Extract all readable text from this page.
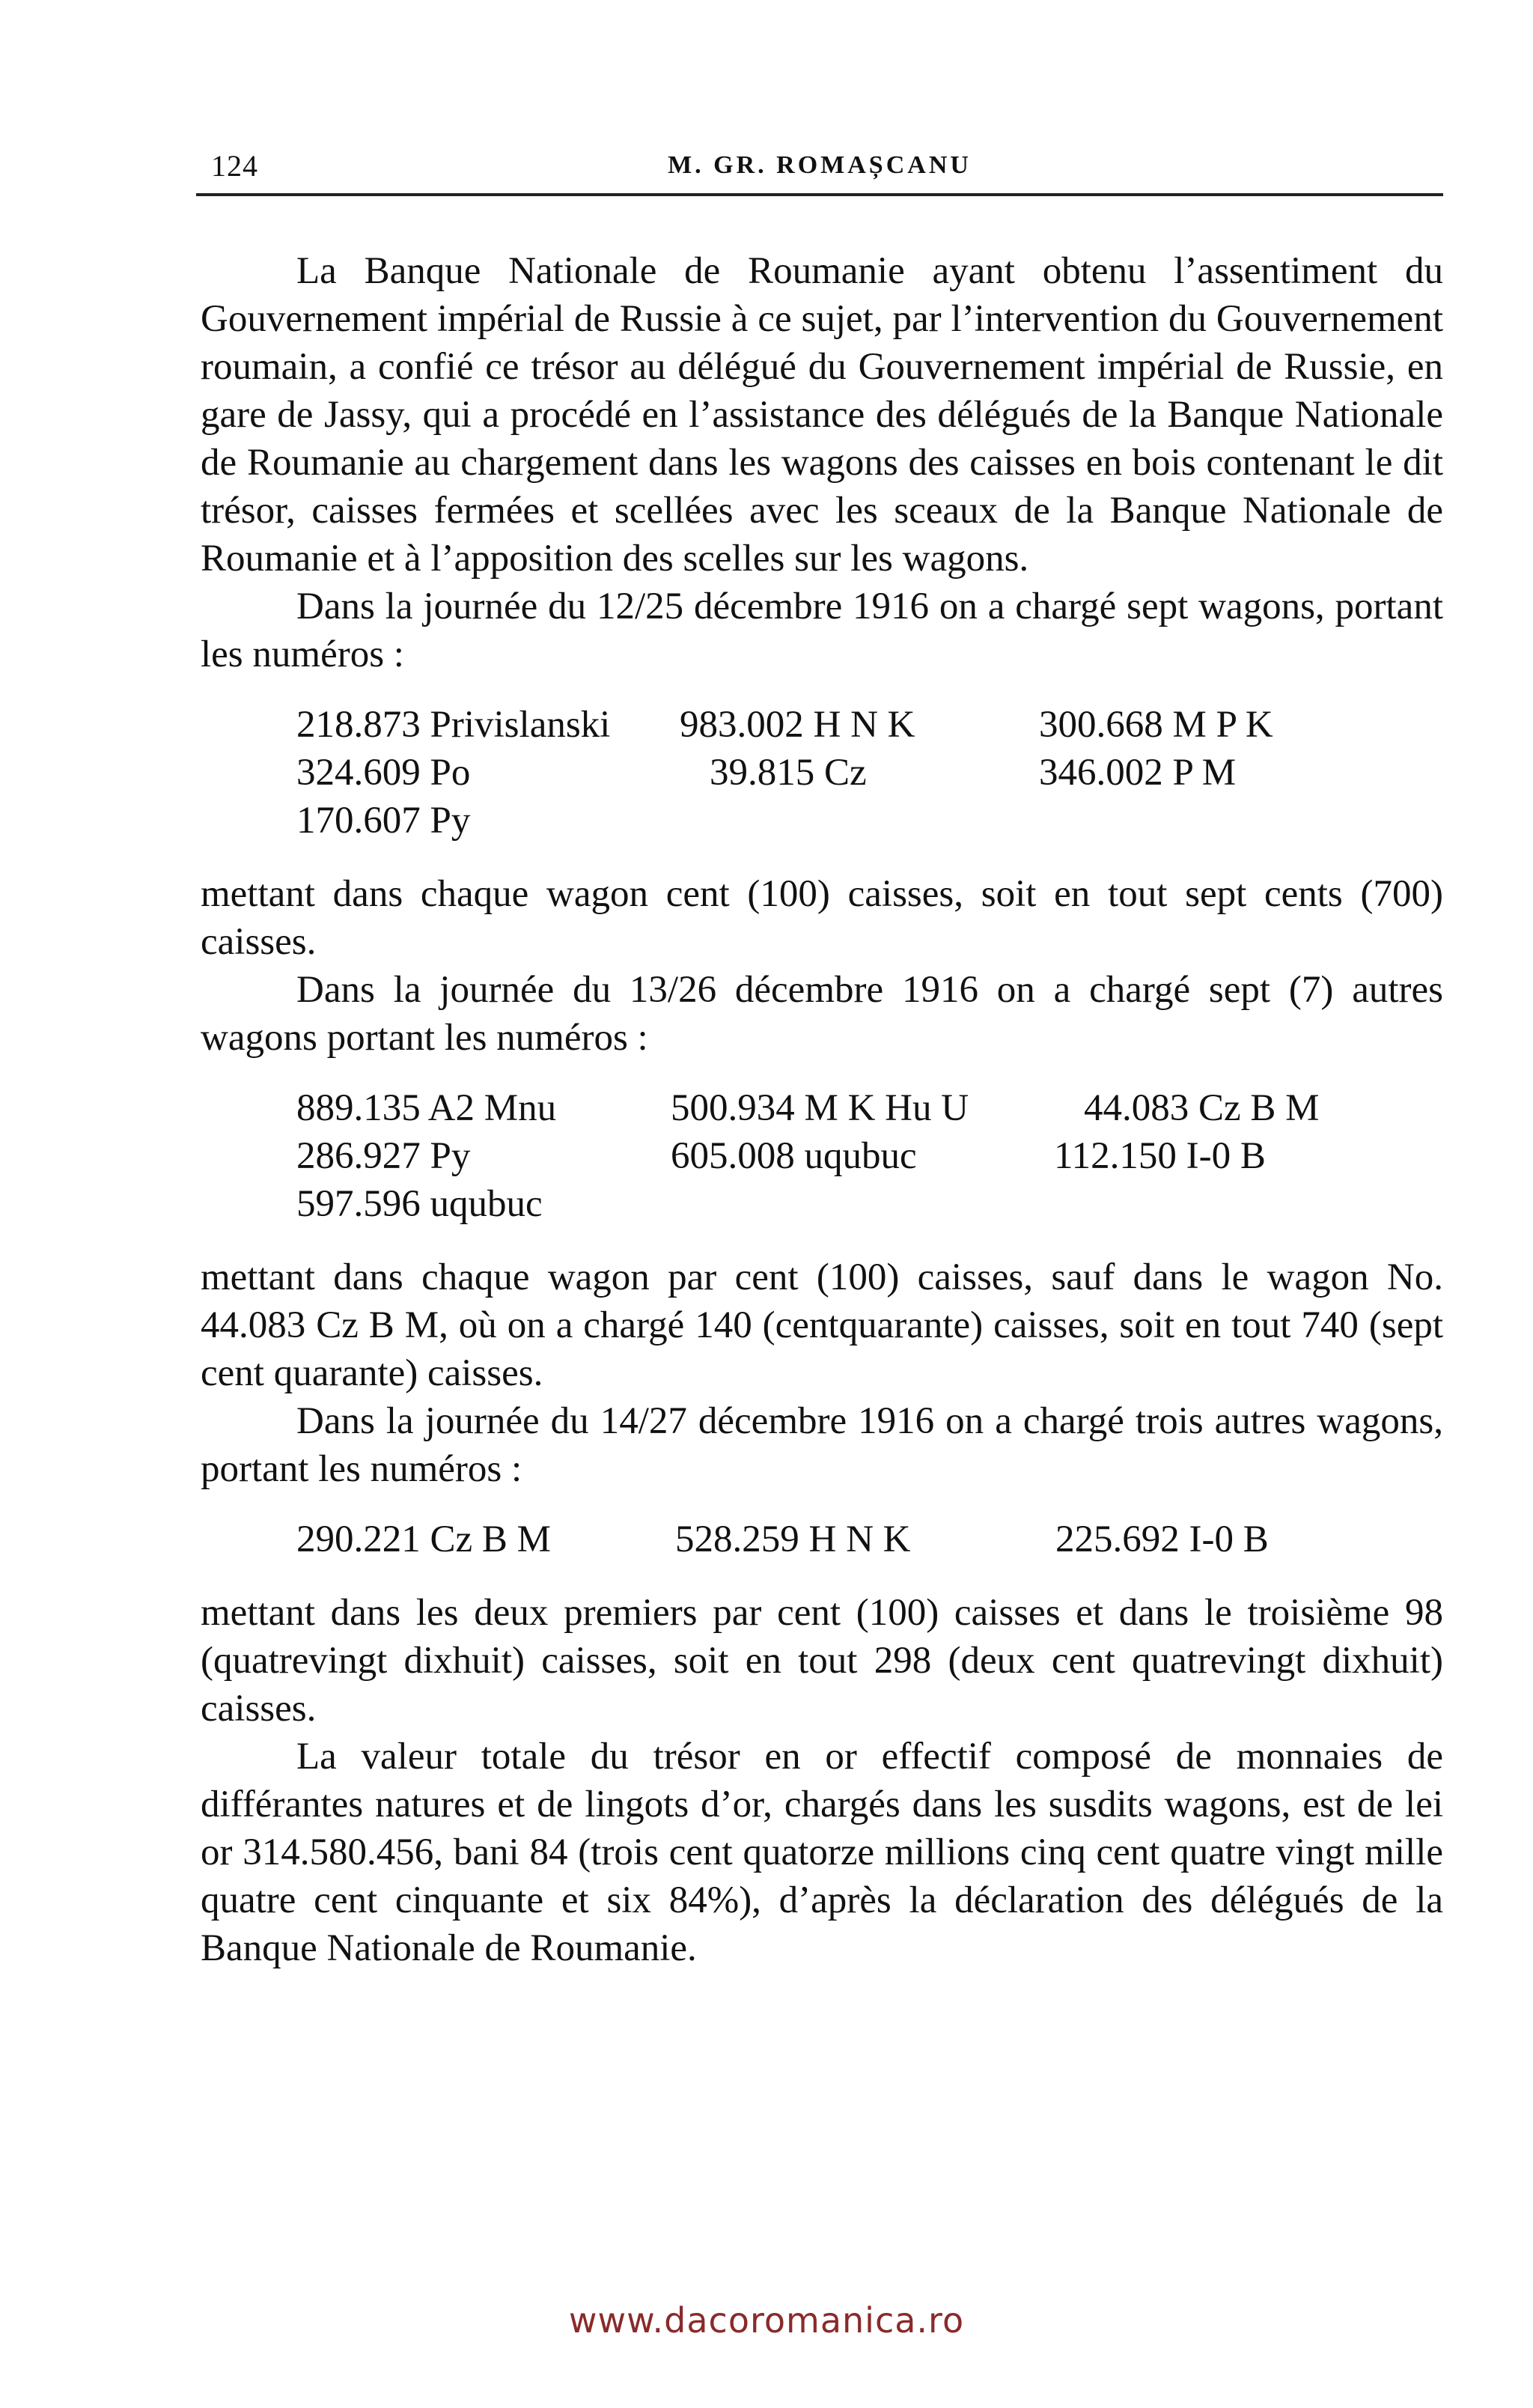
124	M. GR. ROMAȘCANU

La Banque Nationale de Roumanie ayant obtenu l’assentiment du Gouvernement impérial de Russie à ce sujet, par l’intervention du Gouvernement roumain, a confié ce trésor au délégué du Gouvernement impérial de Russie, en gare de Jassy, qui a procédé en l’assistance des délégués de la Banque Nationale de Roumanie au chargement dans les wagons des caisses en bois contenant le dit trésor, caisses fermées et scellées avec les sceaux de la Banque Nationale de Roumanie et à l’apposition des scelles sur les wagons.

Dans la journée du 12/25 décembre 1916 on a chargé sept wagons, portant les numéros :

218.873 Privislanski 983.002 H N K	300.668 M P K
324.609 Po	39.815 Cz	346.002 P M
170.607 Py

mettant dans chaque wagon cent (100) caisses, soit en tout sept cents (700) caisses.

Dans la journée du 13/26 décembre 1916 on a chargé sept (7) autres wagons portant les numéros :

889.135 A2 Mnu	500.934 M K Hu U	44.083 Cz B M
286.927 Py	605.008 uqubuc	112.150 I-0 B
597.596 uqubuc

mettant dans chaque wagon par cent (100) caisses, sauf dans le wagon No. 44.083 Cz B M, où on a chargé 140 (centquarante) caisses, soit en tout 740 (sept cent quarante) caisses.

Dans la journée du 14/27 décembre 1916 on a chargé trois autres wagons, portant les numéros :

290.221 Cz B M	528.259 H N K	225.692 I-0 B

mettant dans les deux premiers par cent (100) caisses et dans le troisième 98 (quatrevingt dixhuit) caisses, soit en tout 298 (deux cent quatrevingt dixhuit) caisses.

La valeur totale du trésor en or effectif composé de monnaies de différantes natures et de lingots d’or, chargés dans les susdits wagons, est de lei or 314.580.456, bani 84 (trois cent quatorze millions cinq cent quatre vingt mille quatre cent cinquante et six 84%), d’après la déclaration des délégués de la Banque Nationale de Roumanie.

www.dacoromanica.ro
